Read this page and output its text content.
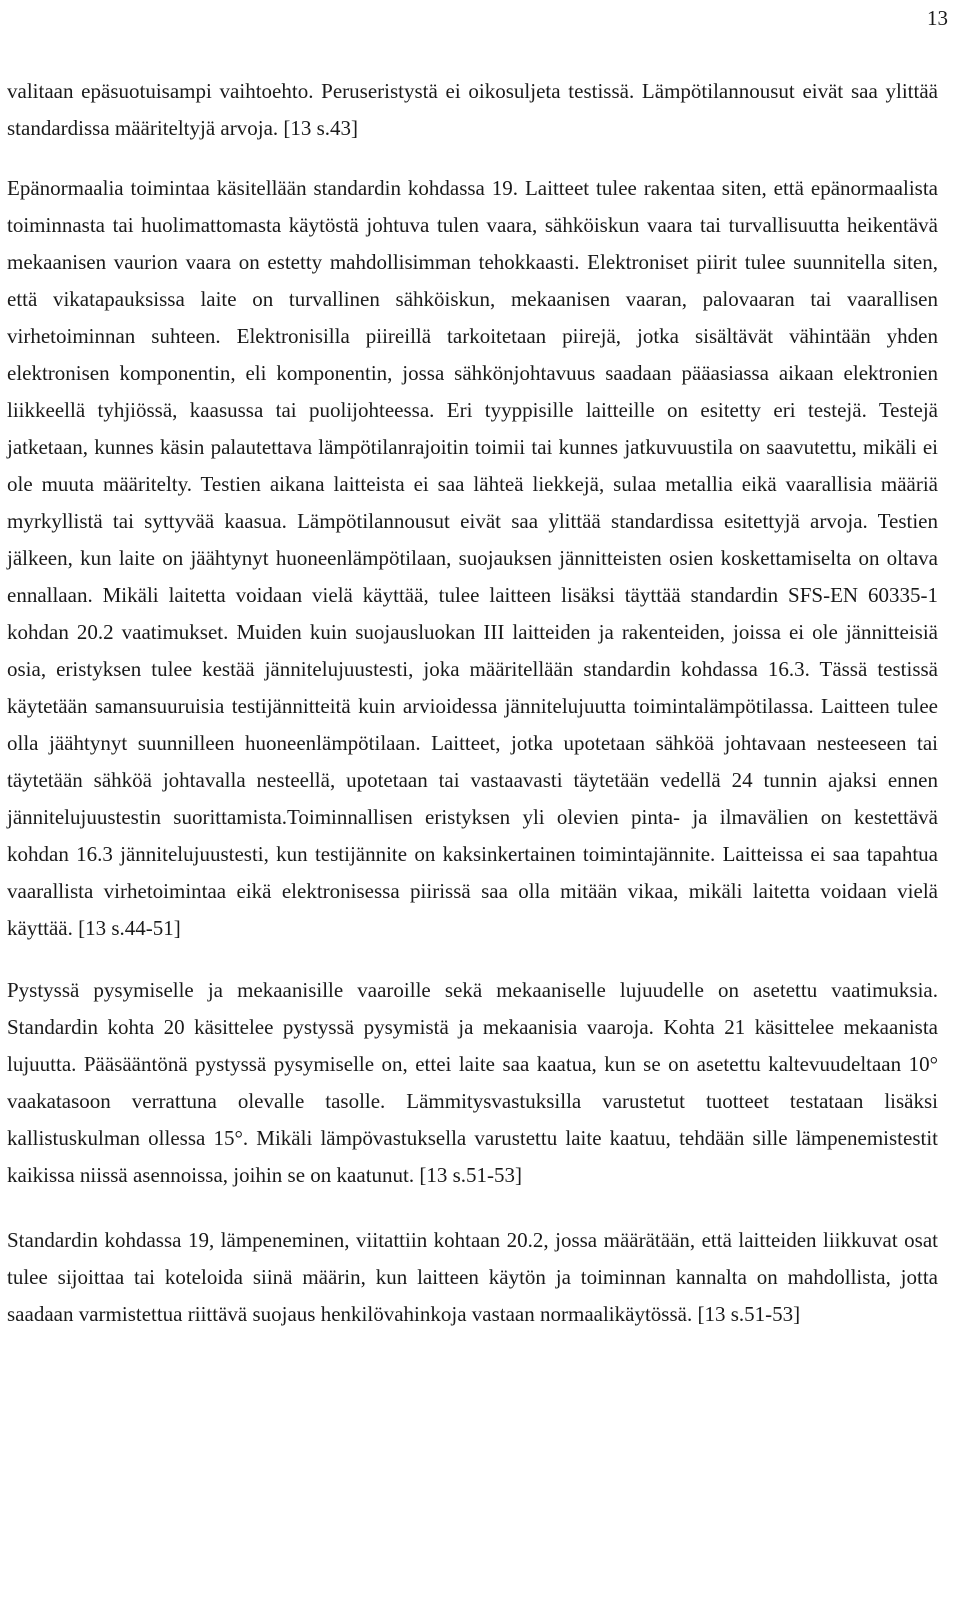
13

valitaan epäsuotuisampi vaihtoehto. Peruseristystä ei oikosuljeta testissä. Lämpötilannousut eivät saa ylittää standardissa määriteltyjä arvoja. [13 s.43]

Epänormaalia toimintaa käsitellään standardin kohdassa 19. Laitteet tulee rakentaa siten, että epänormaalista toiminnasta tai huolimattomasta käytöstä johtuva tulen vaara, sähköiskun vaara tai turvallisuutta heikentävä mekaanisen vaurion vaara on estetty mahdollisimman tehokkaasti. Elektroniset piirit tulee suunnitella siten, että vikatapauksissa laite on turvallinen sähköiskun, mekaanisen vaaran, palovaaran tai vaarallisen virhetoiminnan suhteen. Elektronisilla piireillä tarkoitetaan piirejä, jotka sisältävät vähintään yhden elektronisen komponentin, eli komponentin, jossa sähkönjohtavuus saadaan pääasiassa aikaan elektronien liikkeellä tyhjiössä, kaasussa tai puolijohteessa. Eri tyyppisille laitteille on esitetty eri testejä. Testejä jatketaan, kunnes käsin palautettava lämpötilanrajoitin toimii tai kunnes jatkuvuustila on saavutettu, mikäli ei ole muuta määritelty. Testien aikana laitteista ei saa lähteä liekkejä, sulaa metallia eikä vaarallisia määriä myrkyllistä tai syttyvää kaasua. Lämpötilannousut eivät saa ylittää standardissa esitettyjä arvoja. Testien jälkeen, kun laite on jäähtynyt huoneenlämpötilaan, suojauksen jännitteisten osien koskettamiselta on oltava ennallaan. Mikäli laitetta voidaan vielä käyttää, tulee laitteen lisäksi täyttää standardin SFS-EN 60335-1 kohdan 20.2 vaatimukset. Muiden kuin suojausluokan III laitteiden ja rakenteiden, joissa ei ole jännitteisiä osia, eristyksen tulee kestää jännitelujuustesti, joka määritellään standardin kohdassa 16.3. Tässä testissä käytetään samansuuruisia testijännitteitä kuin arvioidessa jännitelujuutta toimintalämpötilassa. Laitteen tulee olla jäähtynyt suunnilleen huoneenlämpötilaan. Laitteet, jotka upotetaan sähköä johtavaan nesteeseen tai täytetään sähköä johtavalla nesteellä, upotetaan tai vastaavasti täytetään vedellä 24 tunnin ajaksi ennen jännitelujuustestin suorittamista.Toiminnallisen eristyksen yli olevien pinta- ja ilmavälien on kestettävä kohdan 16.3 jännitelujuustesti, kun testijännite on kaksinkertainen toimintajännite. Laitteissa ei saa tapahtua vaarallista virhetoimintaa eikä elektronisessa piirissä saa olla mitään vikaa, mikäli laitetta voidaan vielä käyttää. [13 s.44-51]

Pystyssä pysymiselle ja mekaanisille vaaroille sekä mekaaniselle lujuudelle on asetettu vaatimuksia. Standardin kohta 20 käsittelee pystyssä pysymistä ja mekaanisia vaaroja. Kohta 21 käsittelee mekaanista lujuutta. Pääsääntönä pystyssä pysymiselle on, ettei laite saa kaatua, kun se on asetettu kaltevuudeltaan 10° vaakatasoon verrattuna olevalle tasolle. Lämmitysvastuksilla varustetut tuotteet testataan lisäksi kallistuskulman ollessa 15°. Mikäli lämpövastuksella varustettu laite kaatuu, tehdään sille lämpenemistestit kaikissa niissä asennoissa, joihin se on kaatunut. [13 s.51-53]

Standardin kohdassa 19, lämpeneminen, viitattiin kohtaan 20.2, jossa määrätään, että laitteiden liikkuvat osat tulee sijoittaa tai koteloida siinä määrin, kun laitteen käytön ja toiminnan kannalta on mahdollista, jotta saadaan varmistettua riittävä suojaus henkilövahinkoja vastaan normaalikäytössä. [13 s.51-53]
